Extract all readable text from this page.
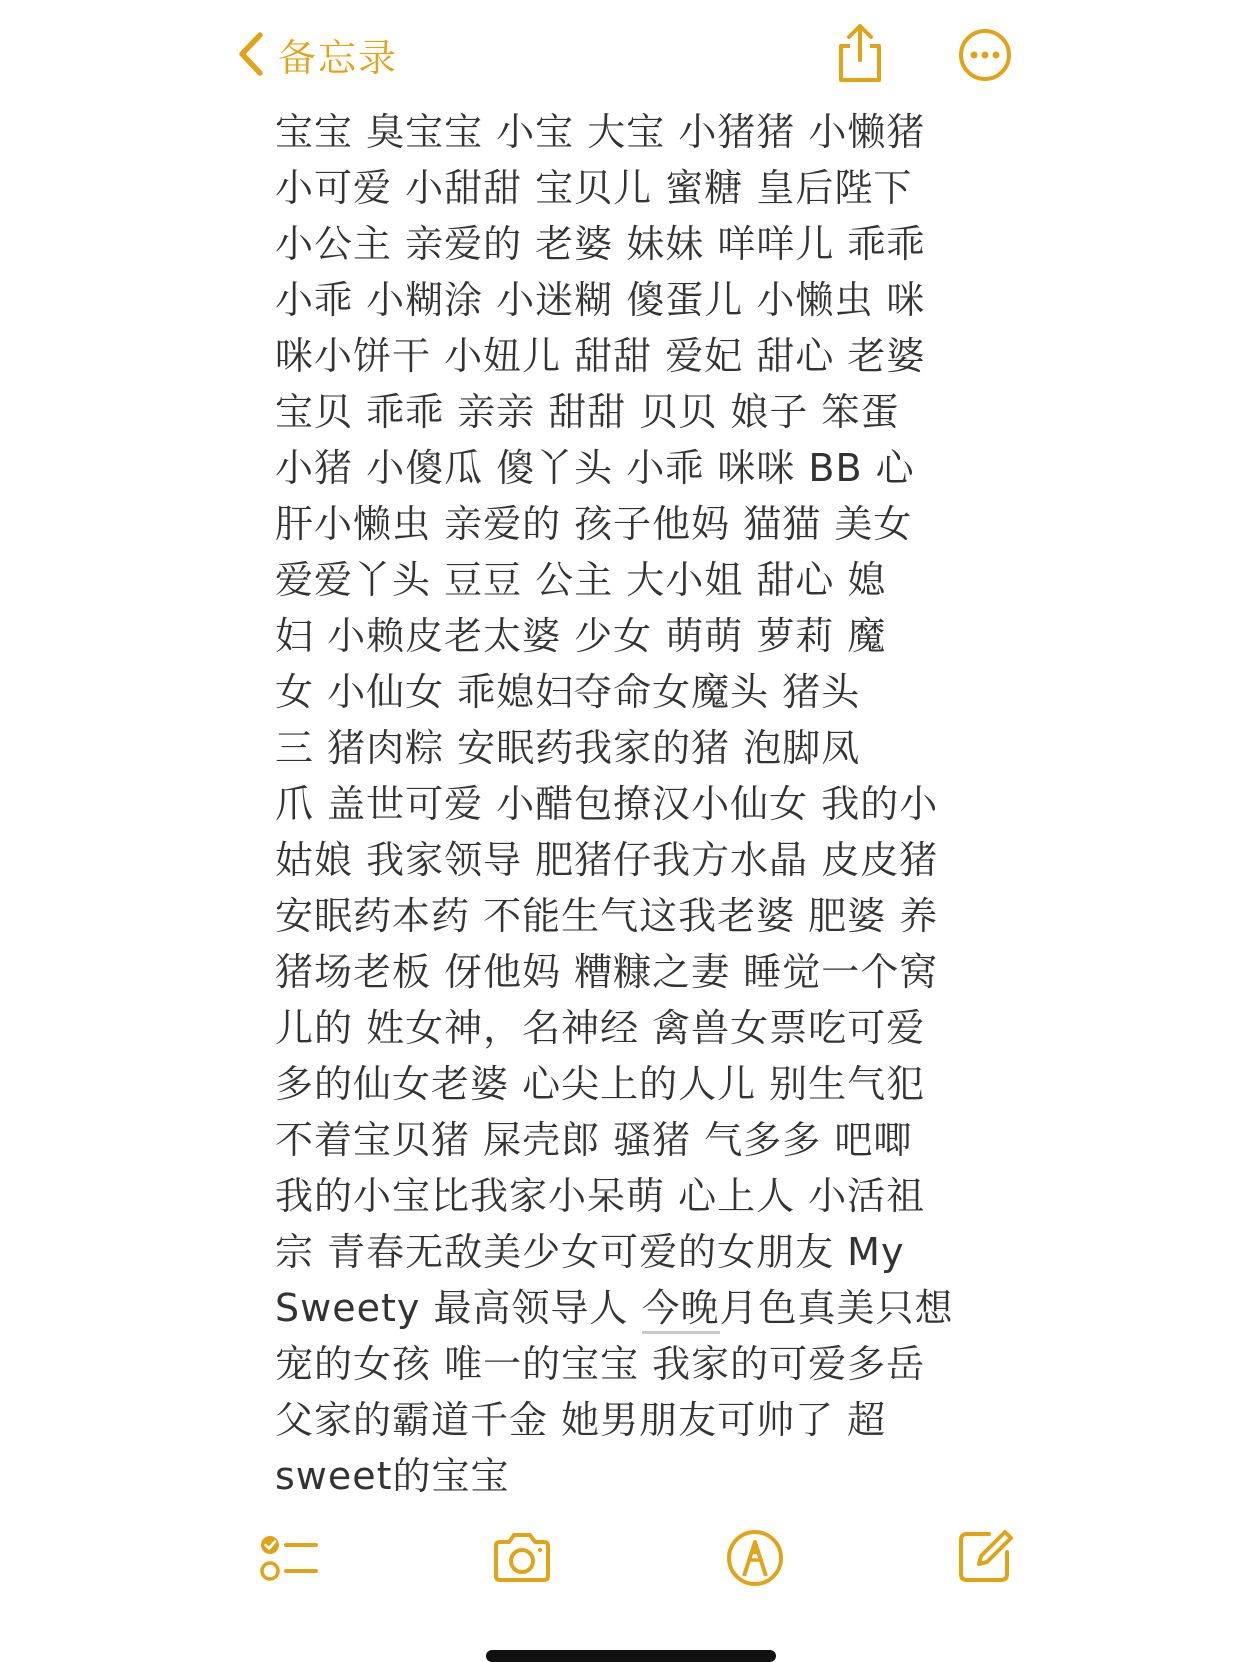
备忘录
宝宝 臭宝宝 小宝 大宝 小猪猪 小懒猪
小可爱 小甜甜 宝贝儿 蜜糖 皇后陛下
小公主 亲爱的 老婆 妹妹 咩咩儿 乖乖
小乖 小糊涂 小迷糊 傻蛋儿 小懒虫 咪
咪小饼干 小妞儿 甜甜 爱妃 甜心 老婆
宝贝 乖乖 亲亲 甜甜 贝贝 娘子 笨蛋
小猪 小傻瓜 傻丫头 小乖 咪咪 BB 心
肝小懒虫 亲爱的 孩子他妈 猫猫 美女
爱爱丫头 豆豆 公主 大小姐 甜心 媳
妇 小赖皮老太婆 少女 萌萌 萝莉 魔
女 小仙女 乖媳妇夺命女魔头 猪头
三 猪肉粽 安眠药我家的猪 泡脚凤
爪 盖世可爱 小醋包撩汉小仙女 我的小
姑娘 我家领导 肥猪仔我方水晶 皮皮猪
安眠药本药 不能生气这我老婆 肥婆 养
猪场老板 伢他妈 糟糠之妻 睡觉一个窝
儿的 姓女神，名神经 禽兽女票吃可爱
多的仙女老婆 心尖上的人儿 别生气犯
不着宝贝猪 屎壳郎 骚猪 气多多 吧唧
我的小宝比我家小呆萌 心上人 小活祖
宗 青春无敌美少女可爱的女朋友 My
Sweety 最高领导人 今晚月色真美只想
宠的女孩 唯一的宝宝 我家的可爱多岳
父家的霸道千金 她男朋友可帅了 超
sweet的宝宝
